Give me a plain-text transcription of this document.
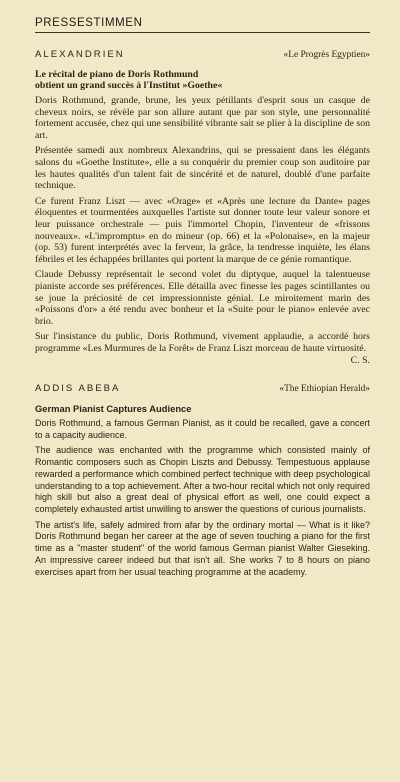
PRESSESTIMMEN
ALEXANDRIEN	«Le Progrès Egyptien»
Le récital de piano de Doris Rothmund
obtient un grand succès à l'Institut »Goethe«

Doris Rothmund, grande, brune, les yeux pétillants d'esprit sous un casque de cheveux noirs, se révèle par son allure autant que par son style, une personnalité fortement accusée, chez qui une sensibilité vibrante sait se plier à la discipline de son art.

Présentée samedi aux nombreux Alexandrins, qui se pressaient dans les élégants salons du «Goethe Institute», elle a su conquérir du premier coup son auditoire par les hautes qualités d'un talent fait de sincérité et de naturel, doublé d'une parfaite technique.

Ce furent Franz Liszt — avec «Orage» et «Après une lecture du Dante» pages éloquentes et tourmentées auxquelles l'artiste sut donner toute leur valeur sonore et leur puissance orchestrale — puis l'immortel Chopin, l'inventeur de «frissons nouveaux». «L'impromptu» en do mineur (op. 66) et la «Polonaise», en la majeur (op. 53) furent interprétés avec la ferveur, la grâce, la tendresse inquiète, les élans fébriles et les échappées brillantes qui portent la marque de ce génie romantique.

Claude Debussy représentait le second volet du diptyque, auquel la talentueuse pianiste accorde ses préférences. Elle détailla avec finesse les pages scintillantes ou se joue la préciosité de cet impressionniste génial. Le miroitement marin des «Poissons d'or» a été rendu avec bonheur et la «Suite pour le piano» enlevée avec brio.

Sur l'insistance du public, Doris Rothmund, vivement applaudie, a accordé hors programme «Les Murmures de la Forêt» de Franz Liszt morceau de haute virtuosité.

C. S.
ADDIS ABEBA	«The Ethiopian Herald»
German Pianist Captures Audience

Doris Rothmund, a famous German Pianist, as it could be recalled, gave a concert to a capacity audience.

The audience was enchanted with the programme which consisted mainly of Romantic composers such as Chopin Liszts and Debussy. Tempestuous applause rewarded a performance which combined perfect technique with deep psychological understanding to a top achievement. After a two-hour recital which not only required high skill but also a great deal of physical effort as well, one could expect a completely exhausted artist unwilling to answer the questions of curious journalists.

The artist's life, safely admired from afar by the ordinary mortal — What is it like? Doris Rothmund began her career at the age of seven touching a piano for the first time as a "master student" of the world famous German pianist Walter Gieseking. An impressive career indeed but that isn't all. She works 7 to 8 hours on piano exercises apart from her usual teaching programme at the academy.
